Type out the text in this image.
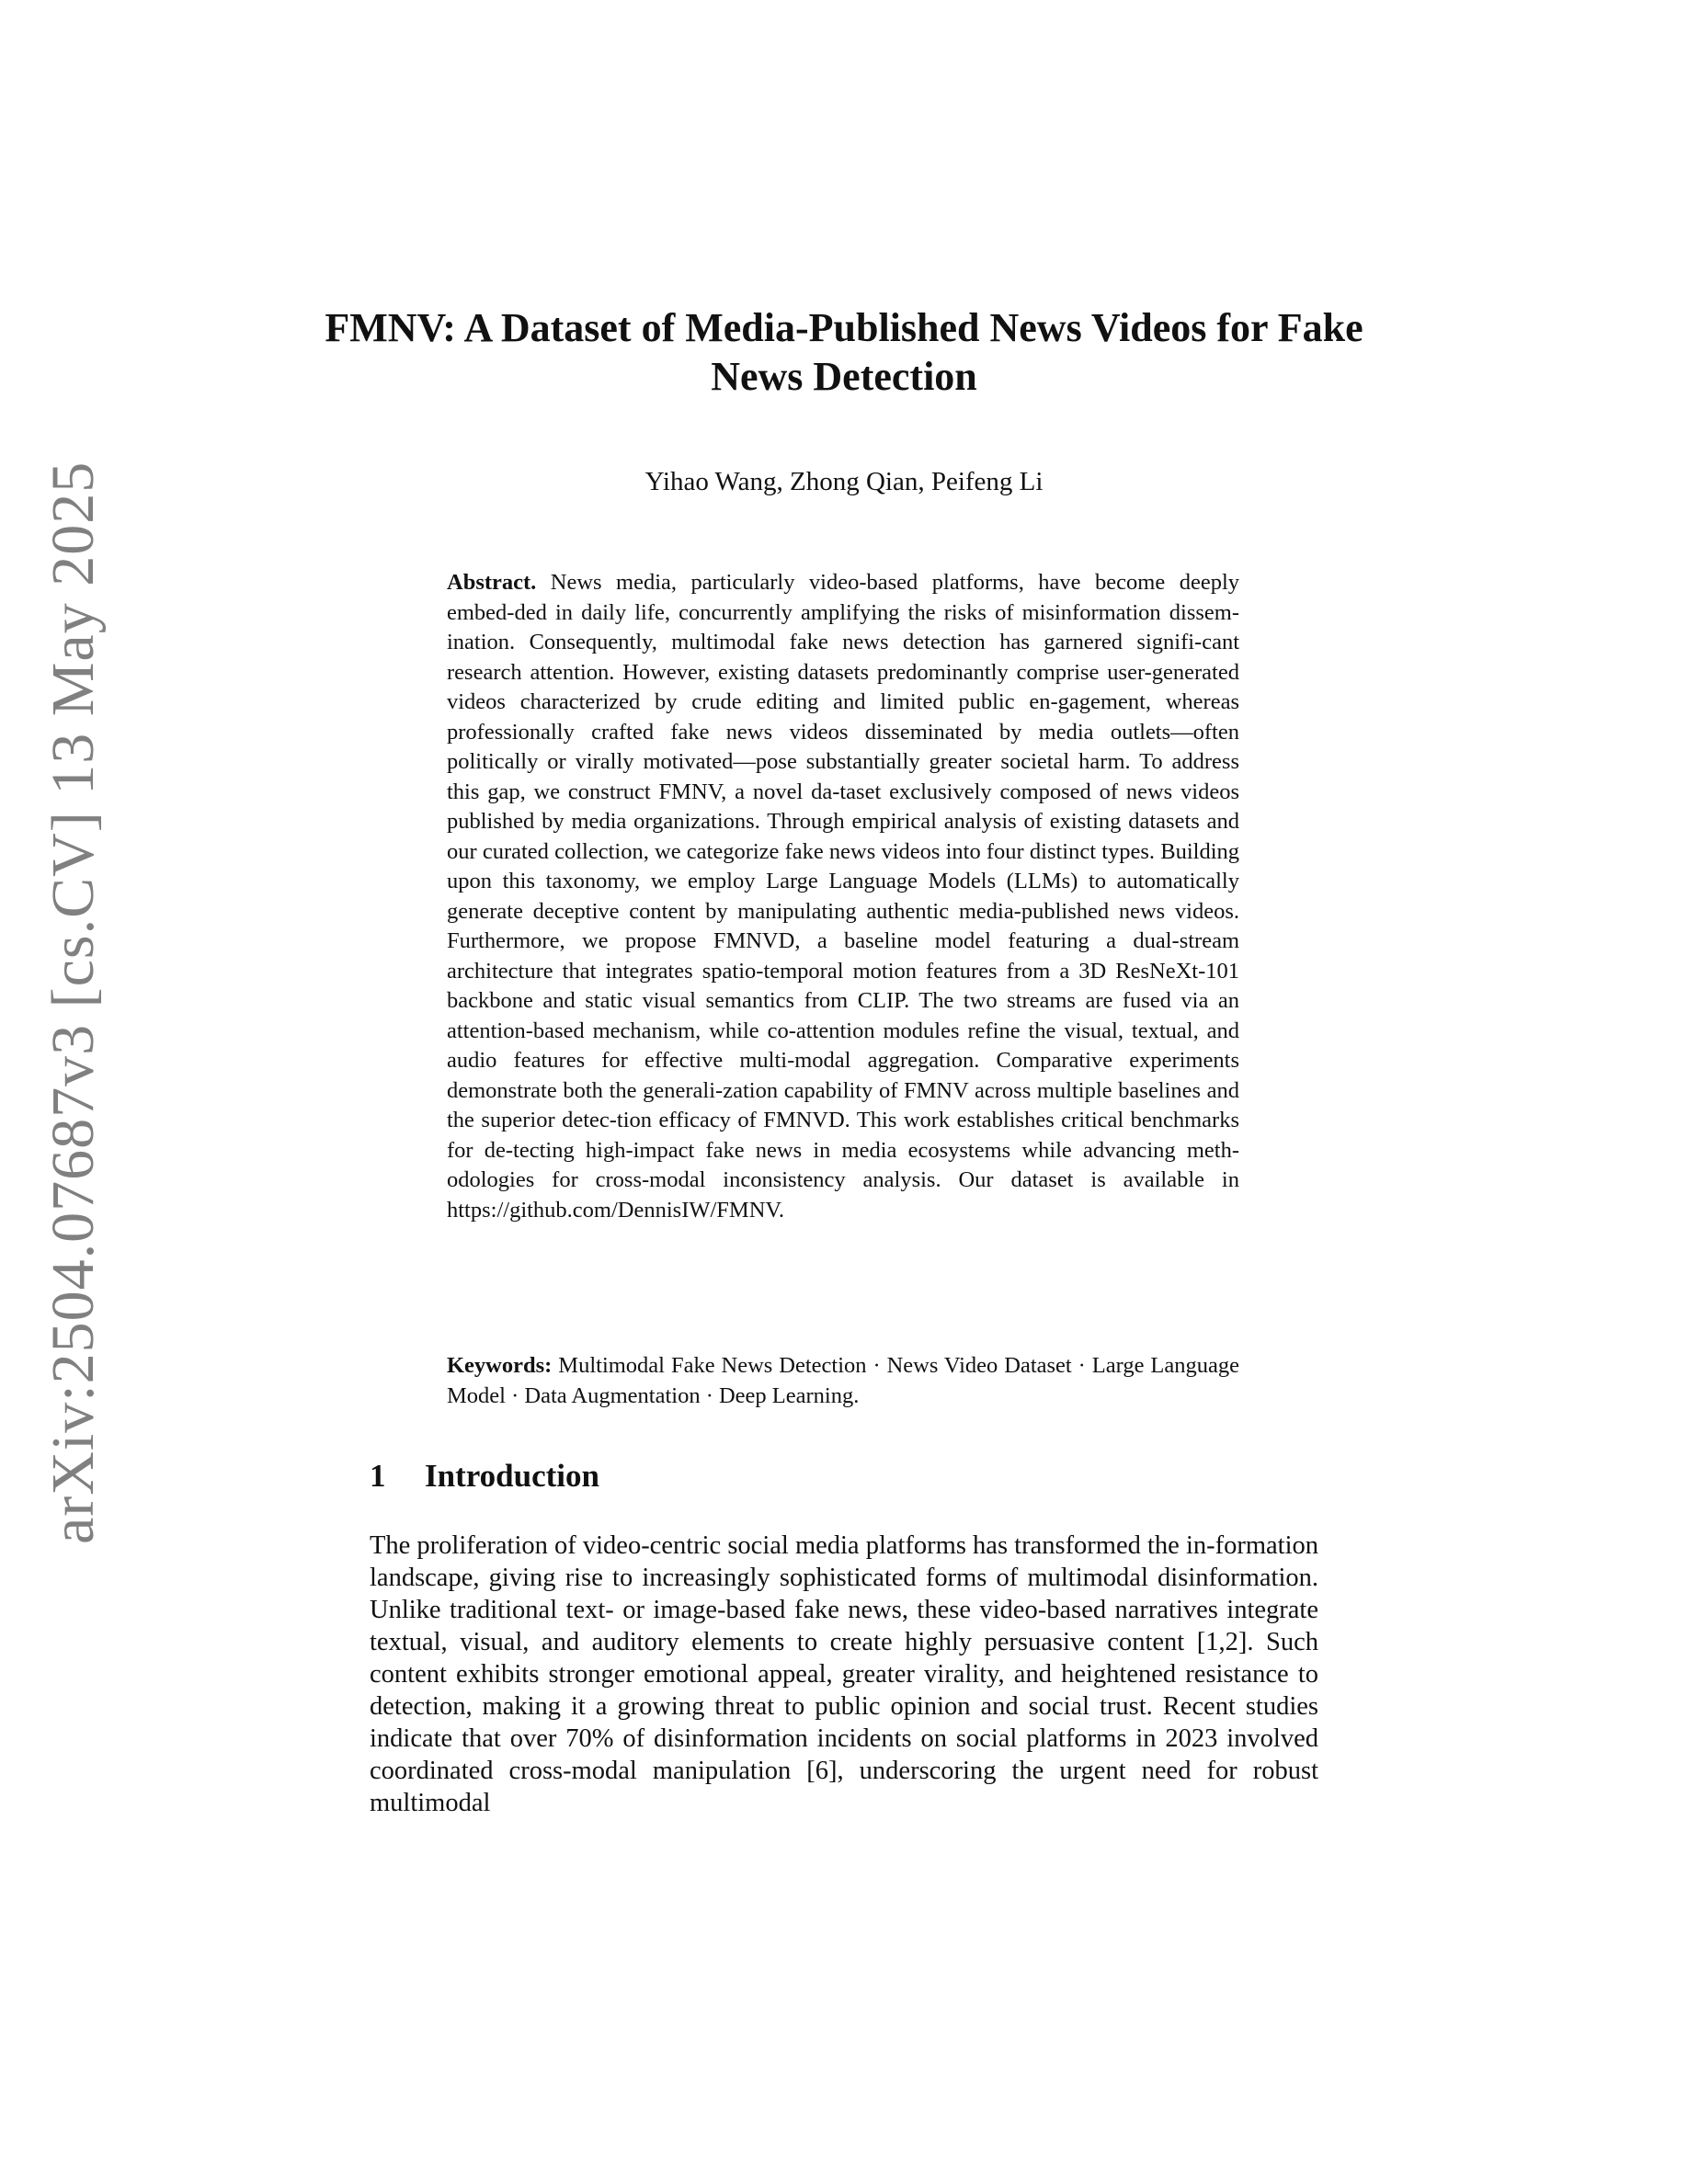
arXiv:2504.07687v3 [cs.CV] 13 May 2025
FMNV: A Dataset of Media-Published News Videos for Fake News Detection
Yihao Wang, Zhong Qian, Peifeng Li

Abstract. News media, particularly video-based platforms, have become deeply embed-ded in daily life, concurrently amplifying the risks of misinformation dissem-ination. Consequently, multimodal fake news detection has garnered signifi-cant research attention. However, existing datasets predominantly comprise user-generated videos characterized by crude editing and limited public en-gagement, whereas professionally crafted fake news videos disseminated by media outlets—often politically or virally motivated—pose substantially greater societal harm. To address this gap, we construct FMNV, a novel da-taset exclusively composed of news videos published by media organizations. Through empirical analysis of existing datasets and our curated collection, we categorize fake news videos into four distinct types. Building upon this taxonomy, we employ Large Language Models (LLMs) to automatically generate deceptive content by manipulating authentic media-published news videos. Furthermore, we propose FMNVD, a baseline model featuring a dual-stream architecture that integrates spatio-temporal motion features from a 3D ResNeXt-101 backbone and static visual semantics from CLIP. The two streams are fused via an attention-based mechanism, while co-attention modules refine the visual, textual, and audio features for effective multi-modal aggregation. Comparative experiments demonstrate both the generali-zation capability of FMNV across multiple baselines and the superior detec-tion efficacy of FMNVD. This work establishes critical benchmarks for de-tecting high-impact fake news in media ecosystems while advancing meth-odologies for cross-modal inconsistency analysis. Our dataset is available in https://github.com/DennisIW/FMNV.

Keywords: Multimodal Fake News Detection · News Video Dataset · Large Language Model · Data Augmentation · Deep Learning.
1 Introduction

The proliferation of video-centric social media platforms has transformed the in-formation landscape, giving rise to increasingly sophisticated forms of multimodal disinformation. Unlike traditional text- or image-based fake news, these video-based narratives integrate textual, visual, and auditory elements to create highly persuasive content [1,2]. Such content exhibits stronger emotional appeal, greater virality, and heightened resistance to detection, making it a growing threat to public opinion and social trust. Recent studies indicate that over 70% of disinformation incidents on social platforms in 2023 involved coordinated cross-modal manipulation [6], underscoring the urgent need for robust multimodal
